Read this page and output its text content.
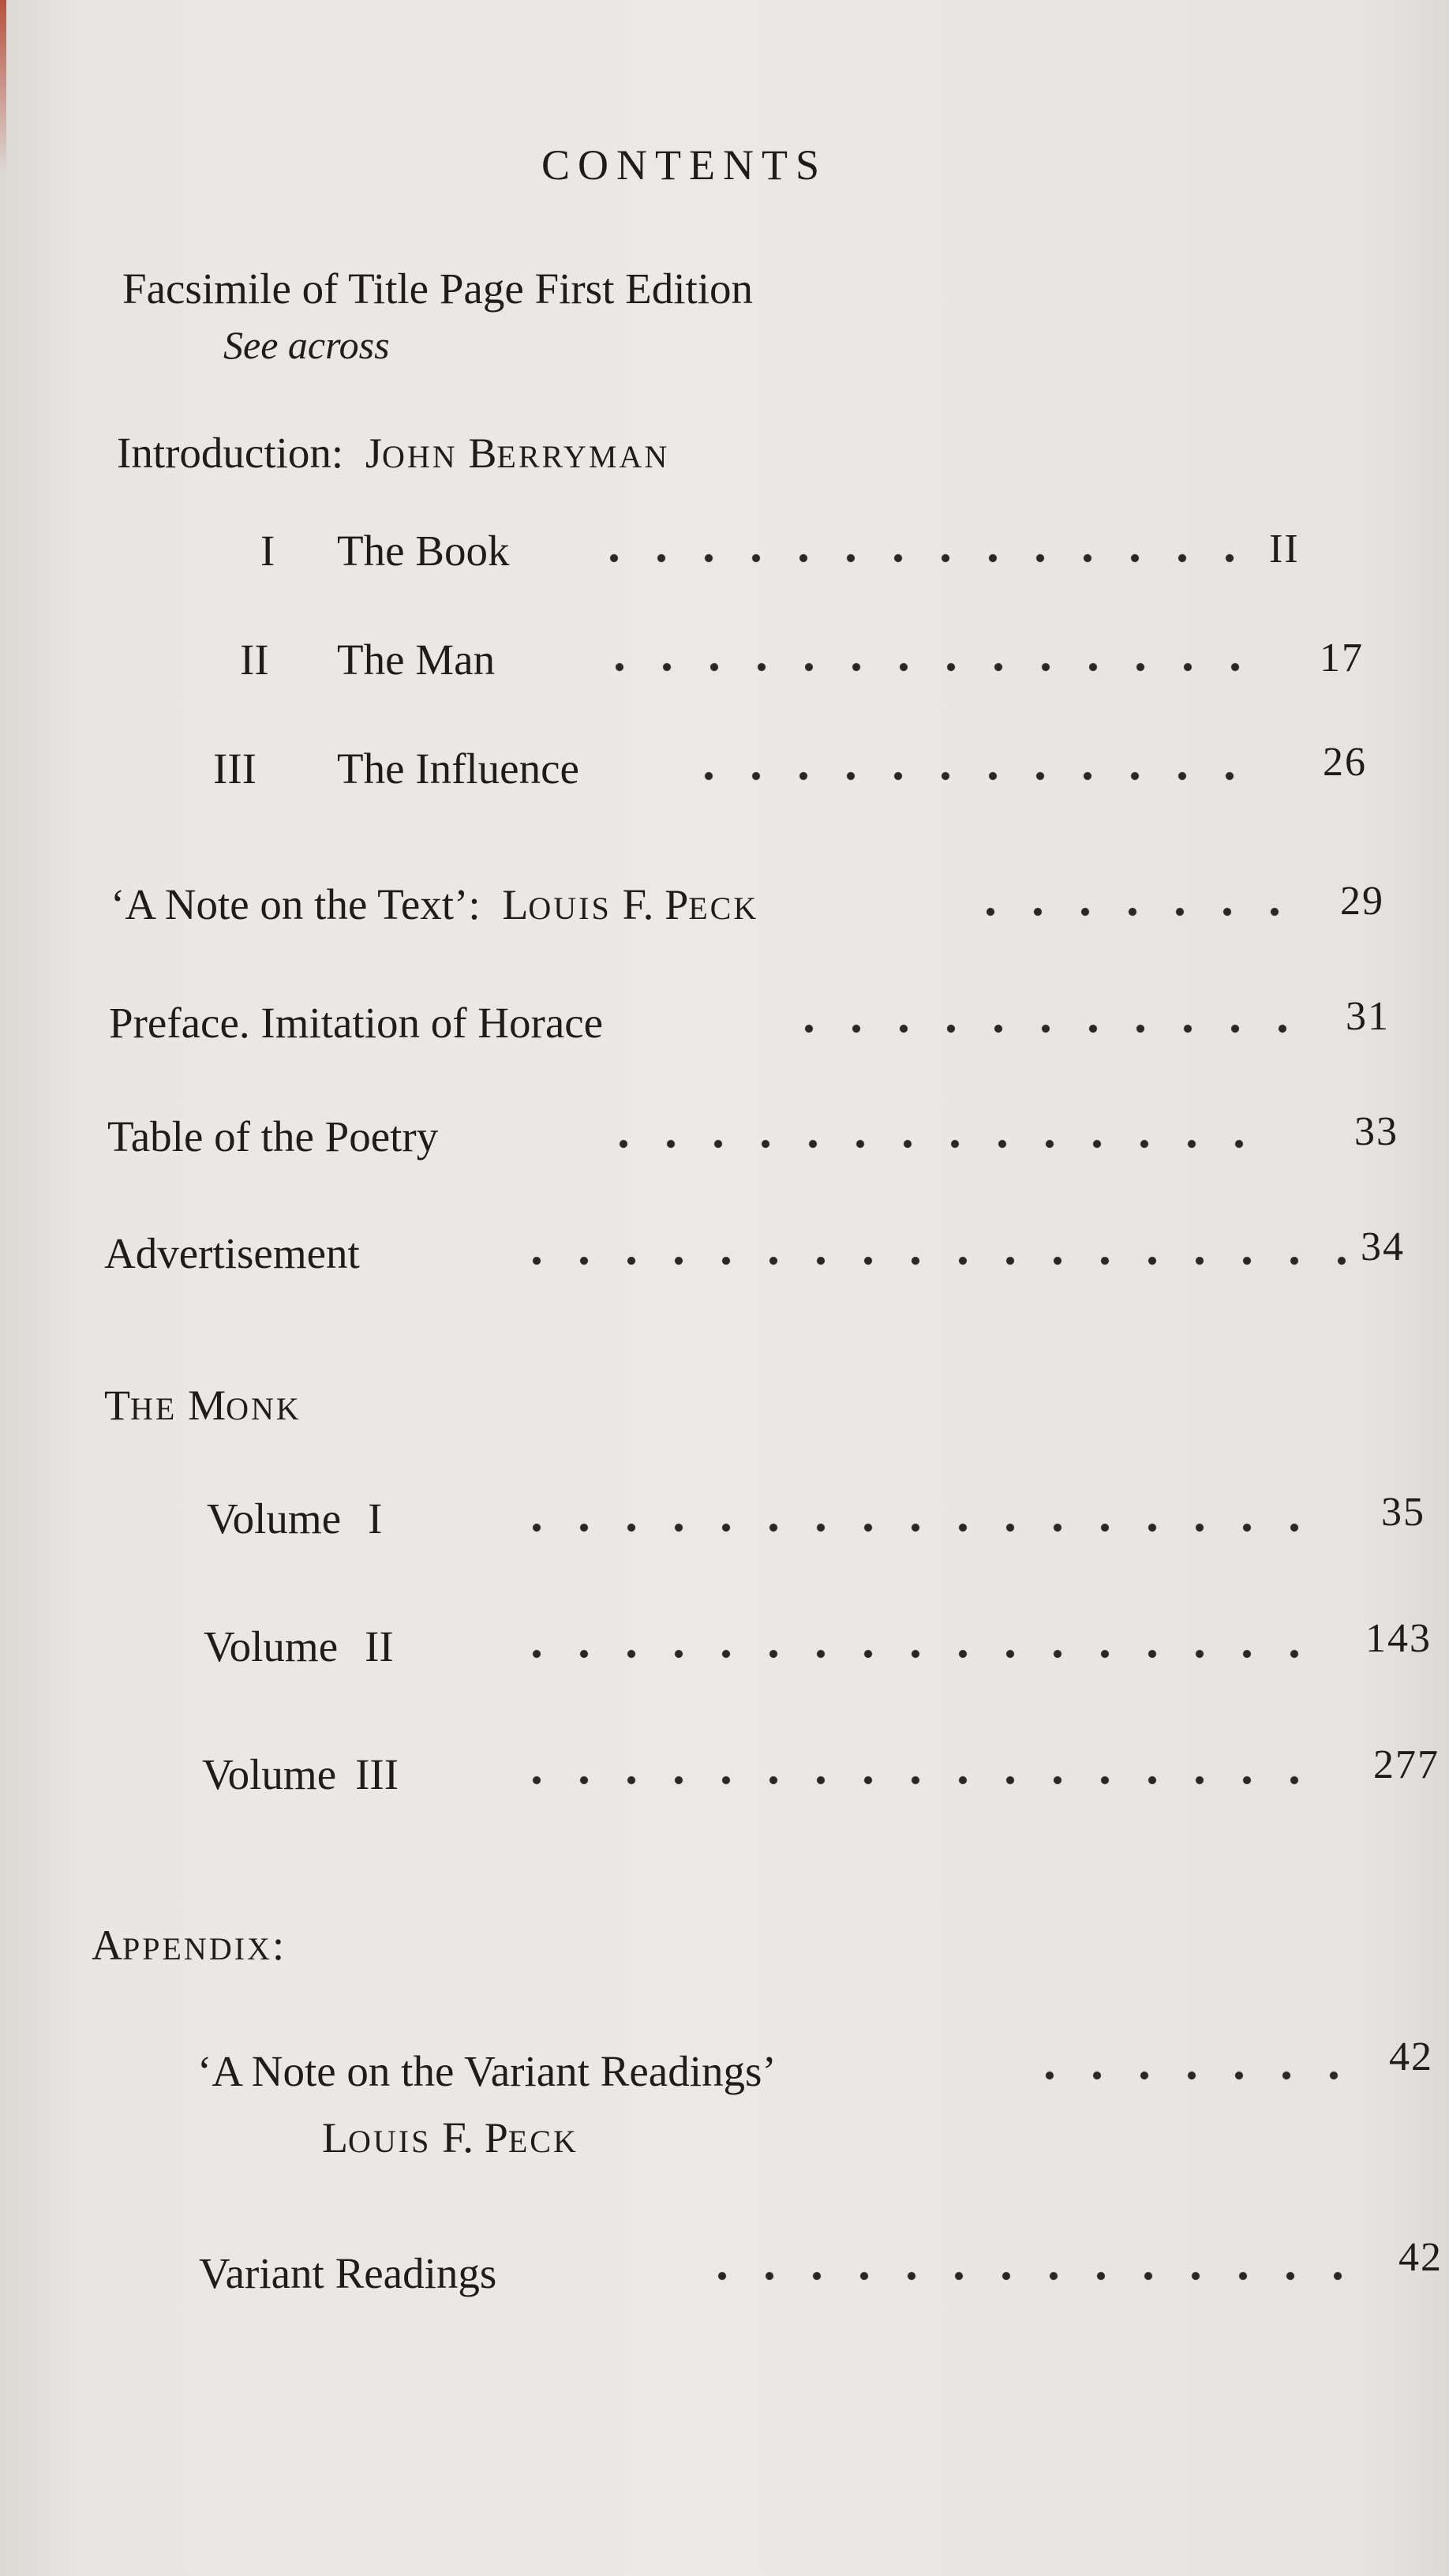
CONTENTS
Facsimile of Title Page First Edition
See across
Introduction: JOHN BERRYMAN
I The Book	II
II The Man	17
III The Influence	26
‘A Note on the Text’: LOUIS F. PECK	29
Preface. Imitation of Horace	31
Table of the Poetry	33
Advertisement	34
THE MONK
Volume I	35
Volume II	143
Volume III	277
APPENDIX:
‘A Note on the Variant Readings’	42
LOUIS F. PECK
Variant Readings	42
